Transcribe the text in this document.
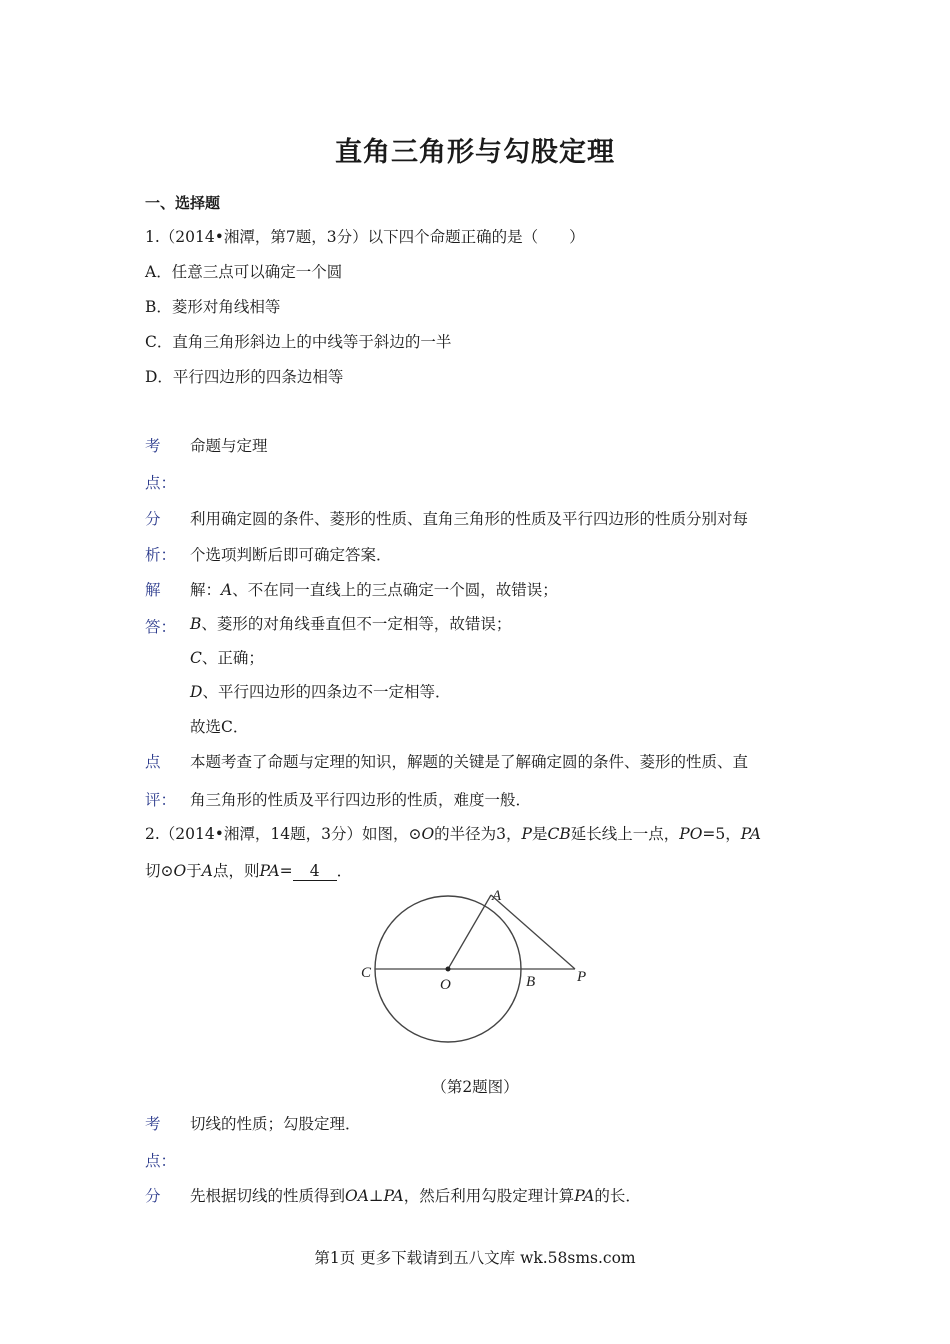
直角三角形与勾股定理
一、选择题
1.（2014•湘潭，第7题，3分）以下四个命题正确的是（　　）
A．任意三点可以确定一个圆
B．菱形对角线相等
C．直角三角形斜边上的中线等于斜边的一半
D．平行四边形的四条边相等
考
点：
命题与定理
分
析：
利用确定圆的条件、菱形的性质、直角三角形的性质及平行四边形的性质分别对每
个选项判断后即可确定答案．
解
答：
解：A、不在同一直线上的三点确定一个圆，故错误；
B、菱形的对角线垂直但不一定相等，故错误；
C、正确；
D、平行四边形的四条边不一定相等．
故选C．
点
评：
本题考查了命题与定理的知识，解题的关键是了解确定圆的条件、菱形的性质、直
角三角形的性质及平行四边形的性质，难度一般．
2.（2014•湘潭，14题，3分）如图，⊙O的半径为3，P是CB延长线上一点，PO=5，PA
切⊙O于A点，则PA= 4 ．
A
C
O	B	P
（第2题图）
考
点：
切线的性质；勾股定理．
分 先根据切线的性质得到OA⊥PA，然后利用勾股定理计算PA的长．
第1页 更多下载请到五八文库 wk.58sms.com
